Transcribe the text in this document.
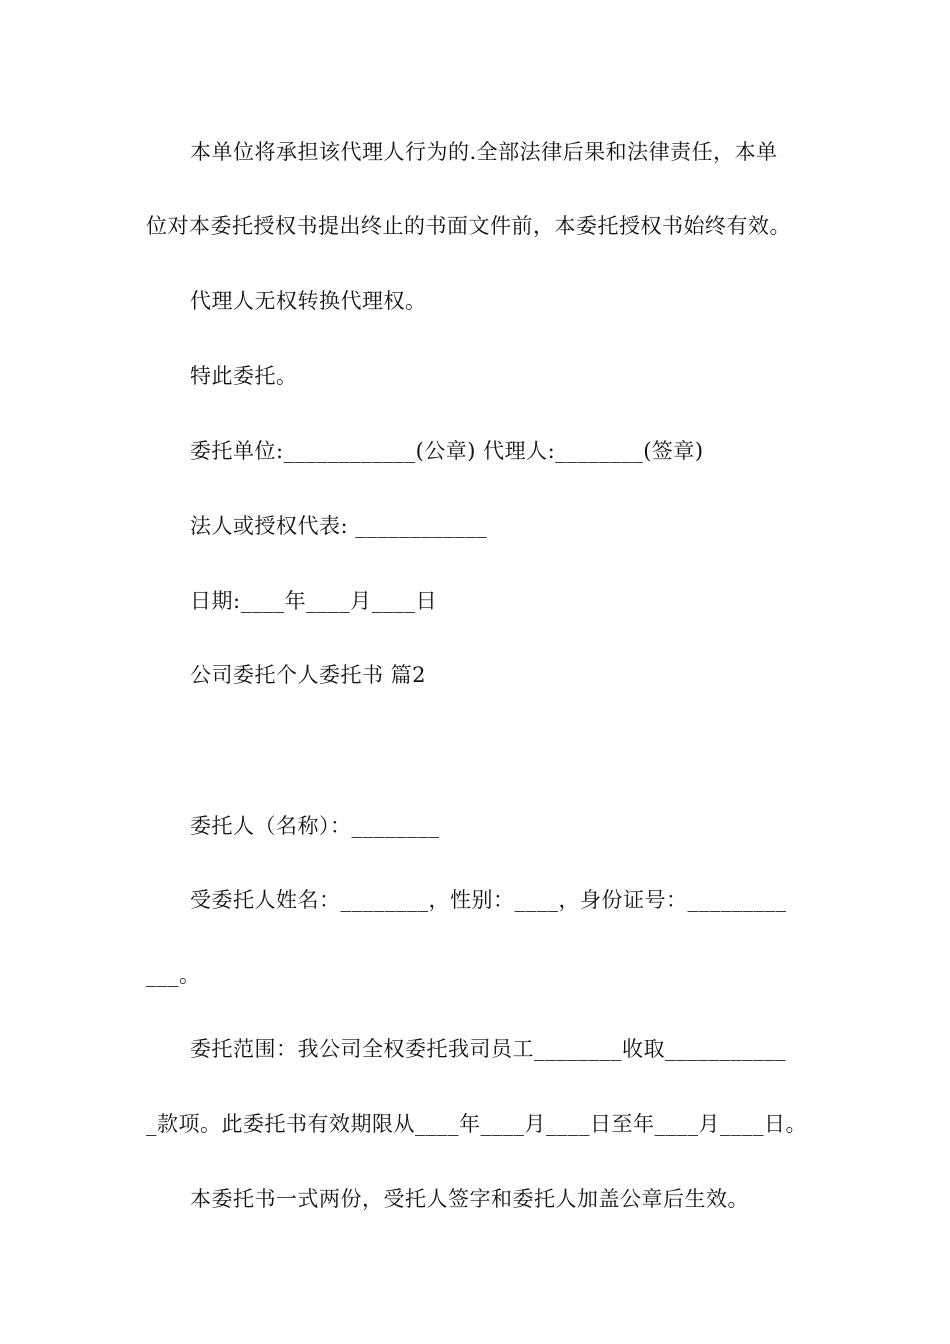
本单位将承担该代理人行为的.全部法律后果和法律责任，本单
位对本委托授权书提出终止的书面文件前，本委托授权书始终有效。
代理人无权转换代理权。
特此委托。
委托单位:____________(公章) 代理人:________(签章)
法人或授权代表: ____________
日期:____年____月____日
公司委托个人委托书 篇2
委托人（名称）：________
受委托人姓名：________，性别：____，身份证号：_________
___。
委托范围：我公司全权委托我司员工________收取___________
_款项。此委托书有效期限从____年____月____日至年____月____日。
本委托书一式两份，受托人签字和委托人加盖公章后生效。
